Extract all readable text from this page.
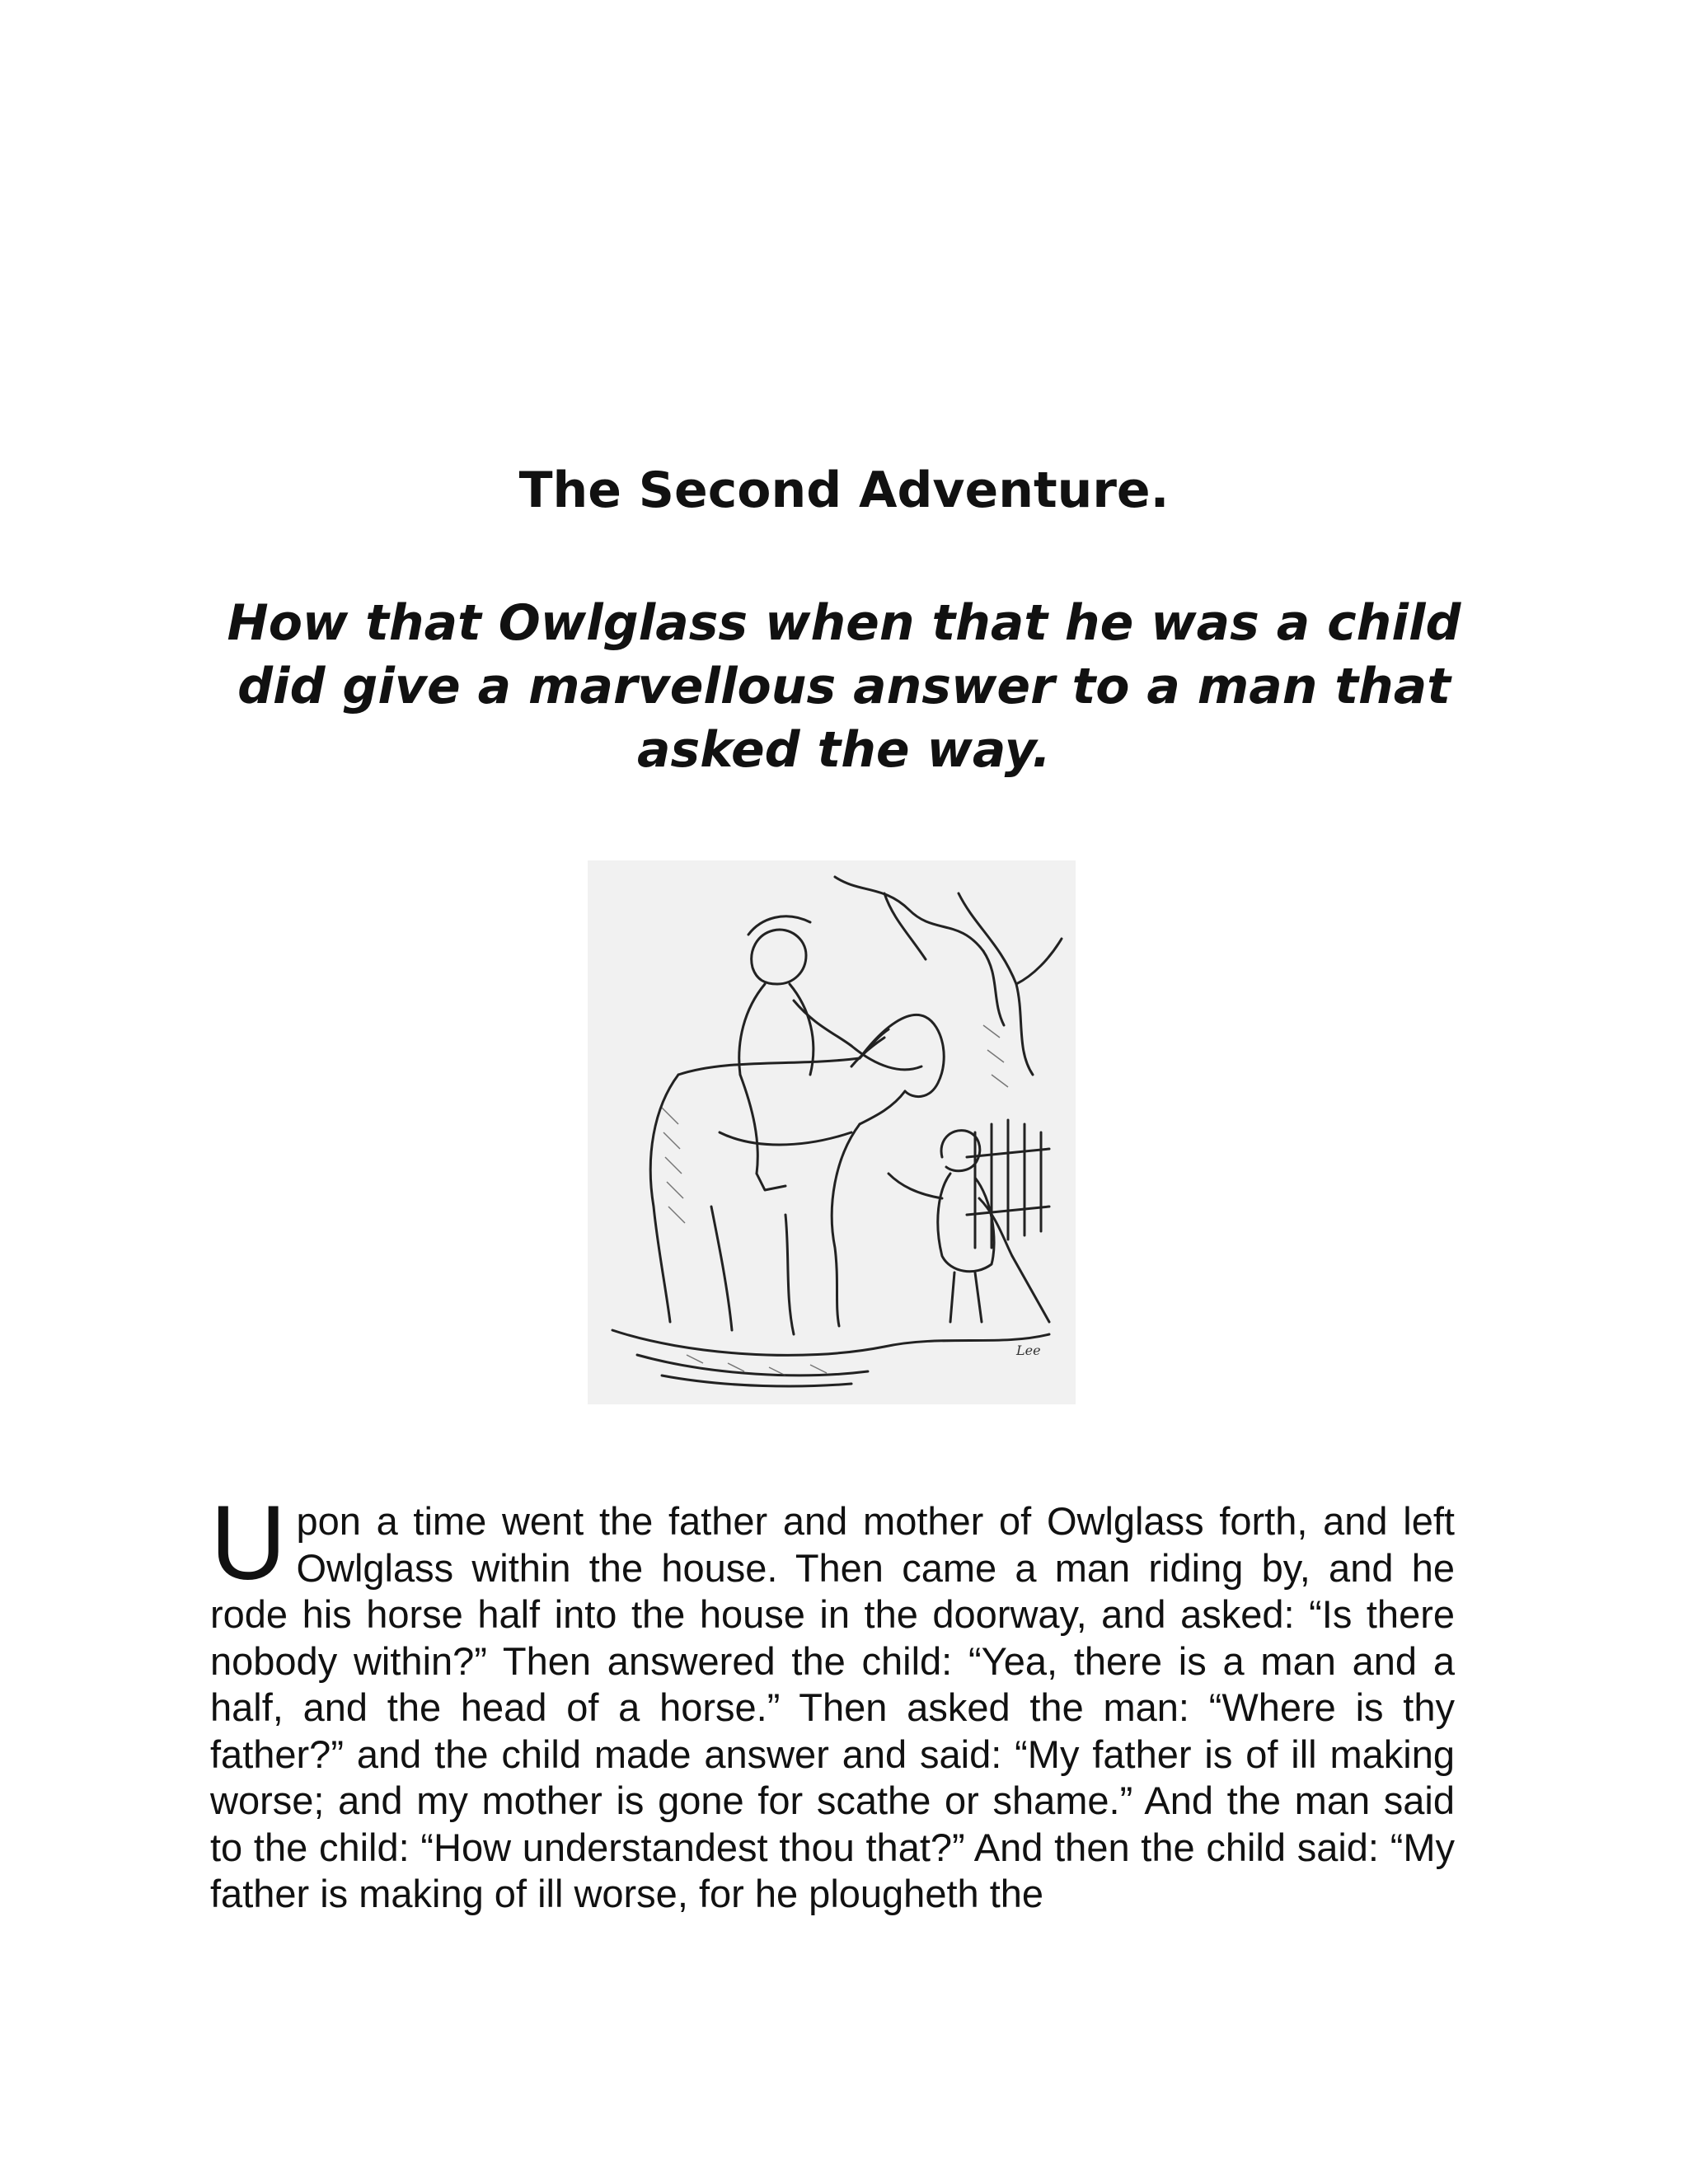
The Second Adventure.
How that Owlglass when that he was a child did give a marvellous answer to a man that asked the way.
Lee

Upon a time went the father and mother of Owlglass forth, and left Owlglass within the house. Then came a man riding by, and he rode his horse half into the house in the doorway, and asked: “Is there nobody within?” Then answered the child: “Yea, there is a man and a half, and the head of a horse.” Then asked the man: “Where is thy father?” and the child made answer and said: “My father is of ill making worse; and my mother is gone for scathe or shame.” And the man said to the child: “How understandest thou that?” And then the child said: “My father is making of ill worse, for he plougheth the
